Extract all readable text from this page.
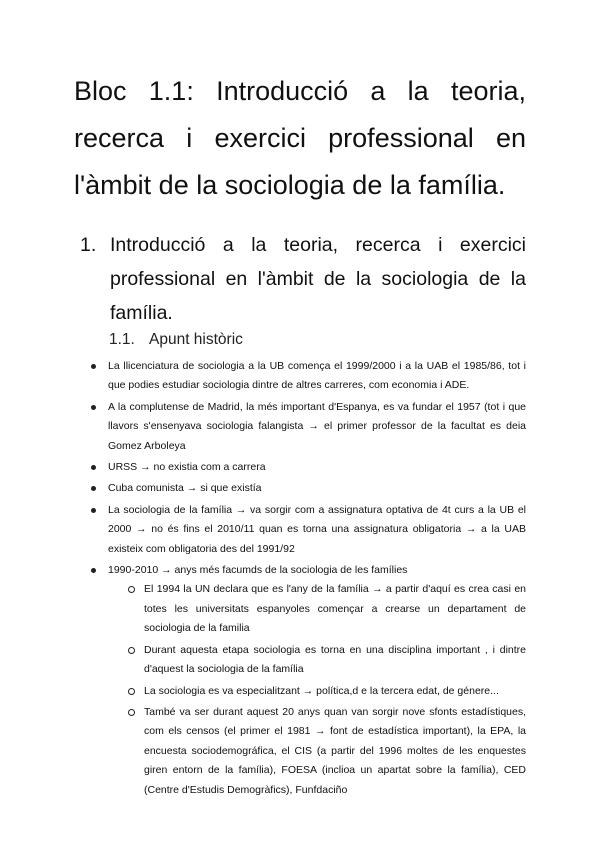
Bloc 1.1: Introducció a la teoria, recerca i exercici professional en l'àmbit de la sociologia de la família.
1. Introducció a la teoria, recerca i exercici professional en l'àmbit de la sociologia de la família.
1.1. Apunt històric
La llicenciatura de sociologia a la UB comença el 1999/2000 i a la UAB el 1985/86, tot i que podies estudiar sociologia dintre de altres carreres, com economia i ADE.
A la complutense de Madrid, la més important d'Espanya, es va fundar el 1957 (tot i que llavors s'ensenyava sociologia falangista → el primer professor de la facultat es deia Gomez Arboleya
URSS → no existia com a carrera
Cuba comunista → si que existía
La sociologia de la família → va sorgir com a assignatura optativa de 4t curs a la UB el 2000 → no és fins el 2010/11 quan es torna una assignatura obligatoria → a la UAB existeix com obligatoria des del 1991/92
1990-2010 → anys més facumds de la sociologia de les famílies
El 1994 la UN declara que es l'any de la família → a partir d'aquí es crea casi en totes les universitats espanyoles començar a crearse un departament de sociologia de la familia
Durant aquesta etapa sociologia es torna en una disciplina important , i dintre d'aquest la sociologia de la família
La sociologia es va especialitzant → política,d e la tercera edat, de génere...
També va ser durant aquest 20 anys quan van sorgir nove sfonts estadístiques, com els censos (el primer el 1981 → font de estadística important), la EPA, la encuesta sociodemográfica, el CIS (a partir del 1996 moltes de les enquestes giren entorn de la família), FOESA (inclioa un apartat sobre la família), CED (Centre d'Estudis Demogràfics), Funfdaciño
